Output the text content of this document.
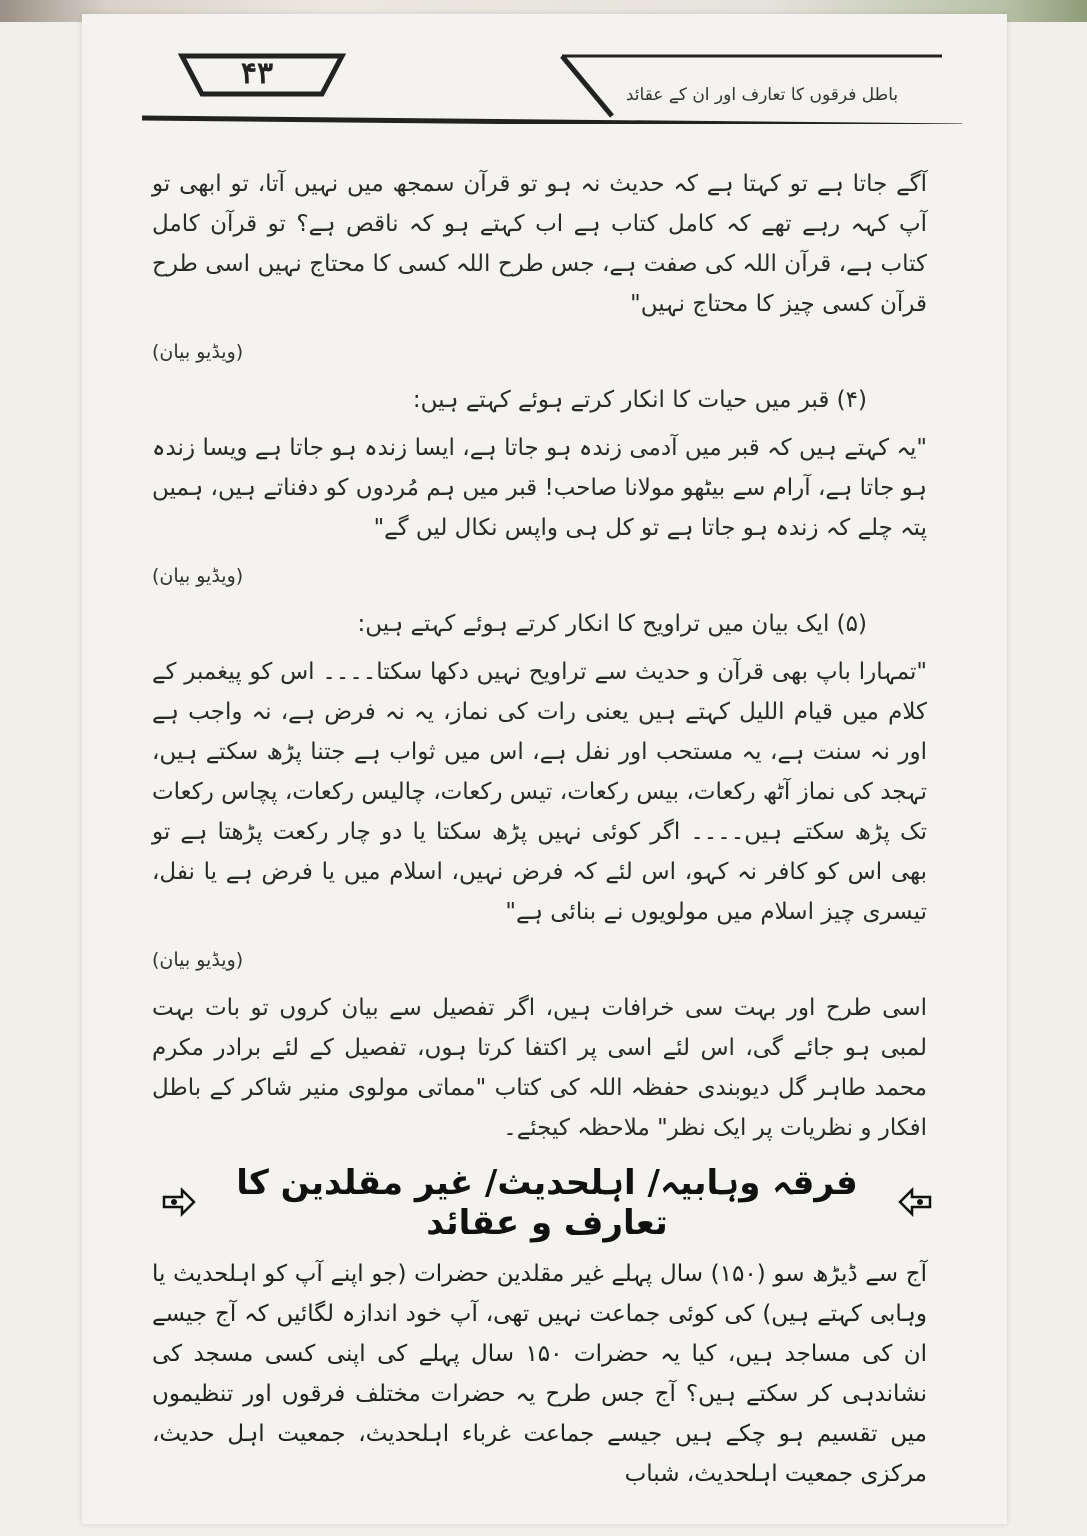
۴۳
باطل فرقوں کا تعارف اور ان کے عقائد

آگے جاتا ہے تو کہتا ہے کہ حدیث نہ ہو تو قرآن سمجھ میں نہیں آتا، تو ابھی تو آپ کہہ رہے تھے کہ کامل کتاب ہے اب کہتے ہو کہ ناقص ہے؟ تو قرآن کامل کتاب ہے، قرآن اللہ کی صفت ہے، جس طرح اللہ کسی کا محتاج نہیں اسی طرح قرآن کسی چیز کا محتاج نہیں"

(ویڈیو بیان)

(۴) قبر میں حیات کا انکار کرتے ہوئے کہتے ہیں:

"یہ کہتے ہیں کہ قبر میں آدمی زندہ ہو جاتا ہے، ایسا زندہ ہو جاتا ہے ویسا زندہ ہو جاتا ہے، آرام سے بیٹھو مولانا صاحب! قبر میں ہم مُردوں کو دفناتے ہیں، ہمیں پتہ چلے کہ زندہ ہو جاتا ہے تو کل ہی واپس نکال لیں گے"

(ویڈیو بیان)

(۵) ایک بیان میں تراویح کا انکار کرتے ہوئے کہتے ہیں:

"تمہارا باپ بھی قرآن و حدیث سے تراویح نہیں دکھا سکتا۔۔۔۔ اس کو پیغمبر کے کلام میں قیام اللیل کہتے ہیں یعنی رات کی نماز، یہ نہ فرض ہے، نہ واجب ہے اور نہ سنت ہے، یہ مستحب اور نفل ہے، اس میں ثواب ہے جتنا پڑھ سکتے ہیں، تہجد کی نماز آٹھ رکعات، بیس رکعات، تیس رکعات، چالیس رکعات، پچاس رکعات تک پڑھ سکتے ہیں۔۔۔۔ اگر کوئی نہیں پڑھ سکتا یا دو چار رکعت پڑھتا ہے تو بھی اس کو کافر نہ کہو، اس لئے کہ فرض نہیں، اسلام میں یا فرض ہے یا نفل، تیسری چیز اسلام میں مولویوں نے بنائی ہے"

(ویڈیو بیان)

اسی طرح اور بہت سی خرافات ہیں، اگر تفصیل سے بیان کروں تو بات بہت لمبی ہو جائے گی، اس لئے اسی پر اکتفا کرتا ہوں، تفصیل کے لئے برادر مکرم محمد طاہر گل دیوبندی حفظہ اللہ کی کتاب "مماتی مولوی منیر شاکر کے باطل افکار و نظریات پر ایک نظر" ملاحظہ کیجئے۔

فرقہ وہابیہ/ اہلحدیث/ غیر مقلدین کا تعارف و عقائد

آج سے ڈیڑھ سو (۱۵۰) سال پہلے غیر مقلدین حضرات (جو اپنے آپ کو اہلحدیث یا وہابی کہتے ہیں) کی کوئی جماعت نہیں تھی، آپ خود اندازہ لگائیں کہ آج جیسے ان کی مساجد ہیں، کیا یہ حضرات ۱۵۰ سال پہلے کی اپنی کسی مسجد کی نشاندہی کر سکتے ہیں؟ آج جس طرح یہ حضرات مختلف فرقوں اور تنظیموں میں تقسیم ہو چکے ہیں جیسے جماعت غرباء اہلحدیث، جمعیت اہل حدیث، مرکزی جمعیت اہلحدیث، شباب
